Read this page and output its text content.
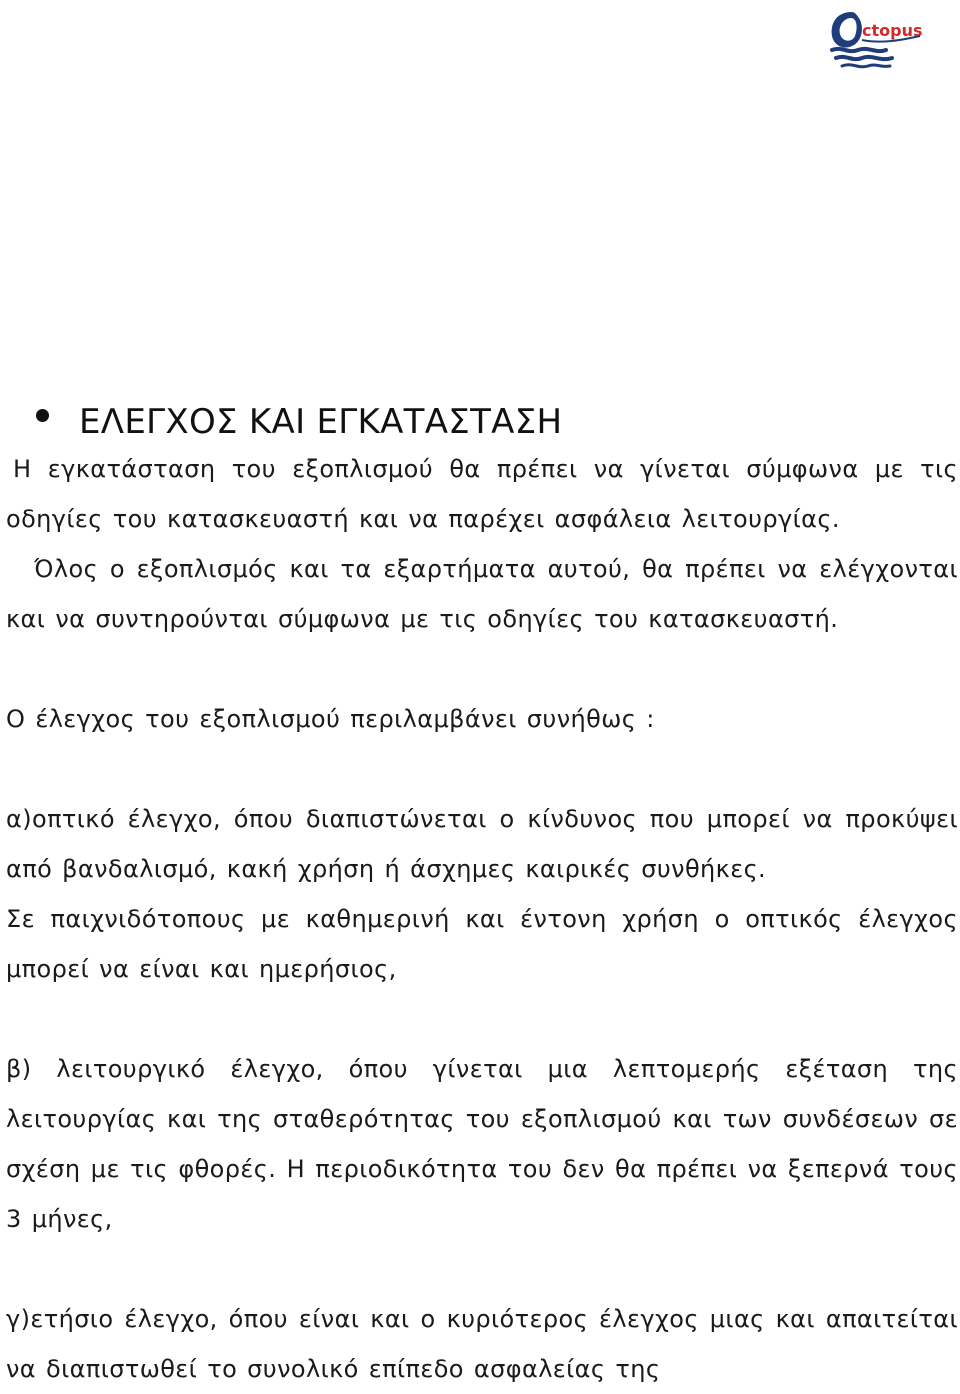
ctopus
ΕΛΕΓΧΟΣ ΚΑΙ ΕΓΚΑΤΑΣΤΑΣΗ
Η εγκατάσταση του εξοπλισμού θα πρέπει να γίνεται σύμφωνα με τις οδηγίες του κατασκευαστή και να παρέχει ασφάλεια λειτουργίας.
Όλος ο εξοπλισμός και τα εξαρτήματα αυτού, θα πρέπει να ελέγχονται και να συντηρούνται σύμφωνα με τις οδηγίες του κατασκευαστή.
Ο έλεγχος του εξοπλισμού περιλαμβάνει συνήθως :
α)οπτικό έλεγχο, όπου διαπιστώνεται ο κίνδυνος που μπορεί να προκύψει από βανδαλισμό, κακή χρήση ή άσχημες καιρικές συνθήκες.
Σε παιχνιδότοπους με καθημερινή και έντονη χρήση ο οπτικός έλεγχος μπορεί να είναι και ημερήσιος,
β) λειτουργικό έλεγχο, όπου γίνεται μια λεπτομερής εξέταση της λειτουργίας και της σταθερότητας του εξοπλισμού και των συνδέσεων σε σχέση με τις φθορές. Η περιοδικότητα του δεν θα πρέπει να ξεπερνά τους 3 μήνες,
γ)ετήσιο έλεγχο, όπου είναι και ο κυριότερος έλεγχος μιας και απαιτείται να διαπιστωθεί το συνολικό επίπεδο ασφαλείας της
